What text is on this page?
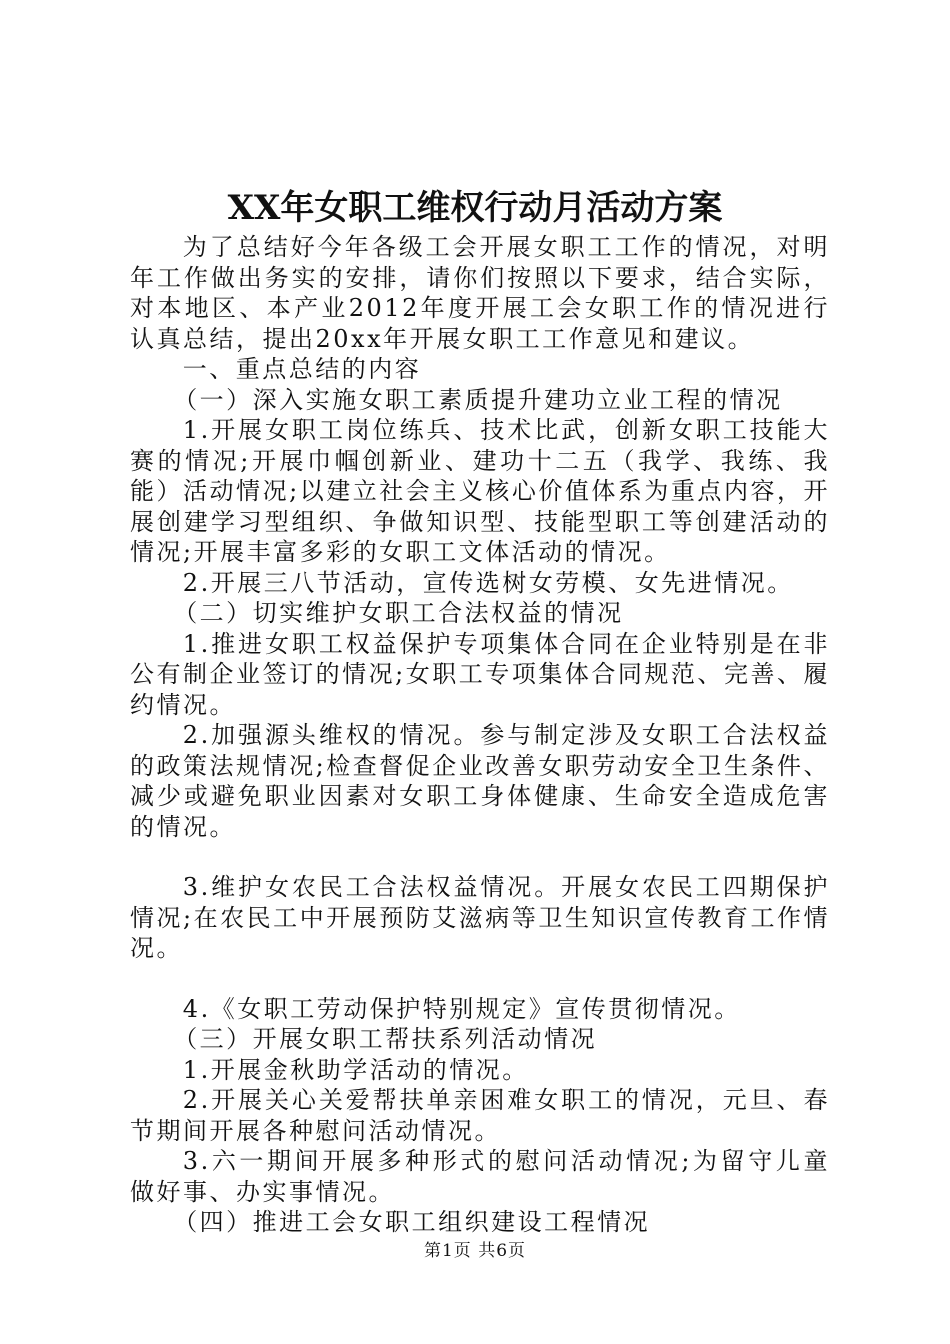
XX年女职工维权行动月活动方案

为了总结好今年各级工会开展女职工工作的情况，对明年工作做出务实的安排，请你们按照以下要求，结合实际，对本地区、本产业2012年度开展工会女职工作的情况进行认真总结，提出20xx年开展女职工工作意见和建议。

一、重点总结的内容

（一）深入实施女职工素质提升建功立业工程的情况

1.开展女职工岗位练兵、技术比武，创新女职工技能大赛的情况;开展巾帼创新业、建功十二五（我学、我练、我能）活动情况;以建立社会主义核心价值体系为重点内容，开展创建学习型组织、争做知识型、技能型职工等创建活动的情况;开展丰富多彩的女职工文体活动的情况。

2.开展三八节活动，宣传选树女劳模、女先进情况。

（二）切实维护女职工合法权益的情况

1.推进女职工权益保护专项集体合同在企业特别是在非公有制企业签订的情况;女职工专项集体合同规范、完善、履约情况。

2.加强源头维权的情况。参与制定涉及女职工合法权益的政策法规情况;检查督促企业改善女职劳动安全卫生条件、减少或避免职业因素对女职工身体健康、生命安全造成危害的情况。

3.维护女农民工合法权益情况。开展女农民工四期保护情况;在农民工中开展预防艾滋病等卫生知识宣传教育工作情况。

4.《女职工劳动保护特别规定》宣传贯彻情况。

（三）开展女职工帮扶系列活动情况

1.开展金秋助学活动的情况。

2.开展关心关爱帮扶单亲困难女职工的情况，元旦、春节期间开展各种慰问活动情况。

3.六一期间开展多种形式的慰问活动情况;为留守儿童做好事、办实事情况。

（四）推进工会女职工组织建设工程情况

第1页 共6页
